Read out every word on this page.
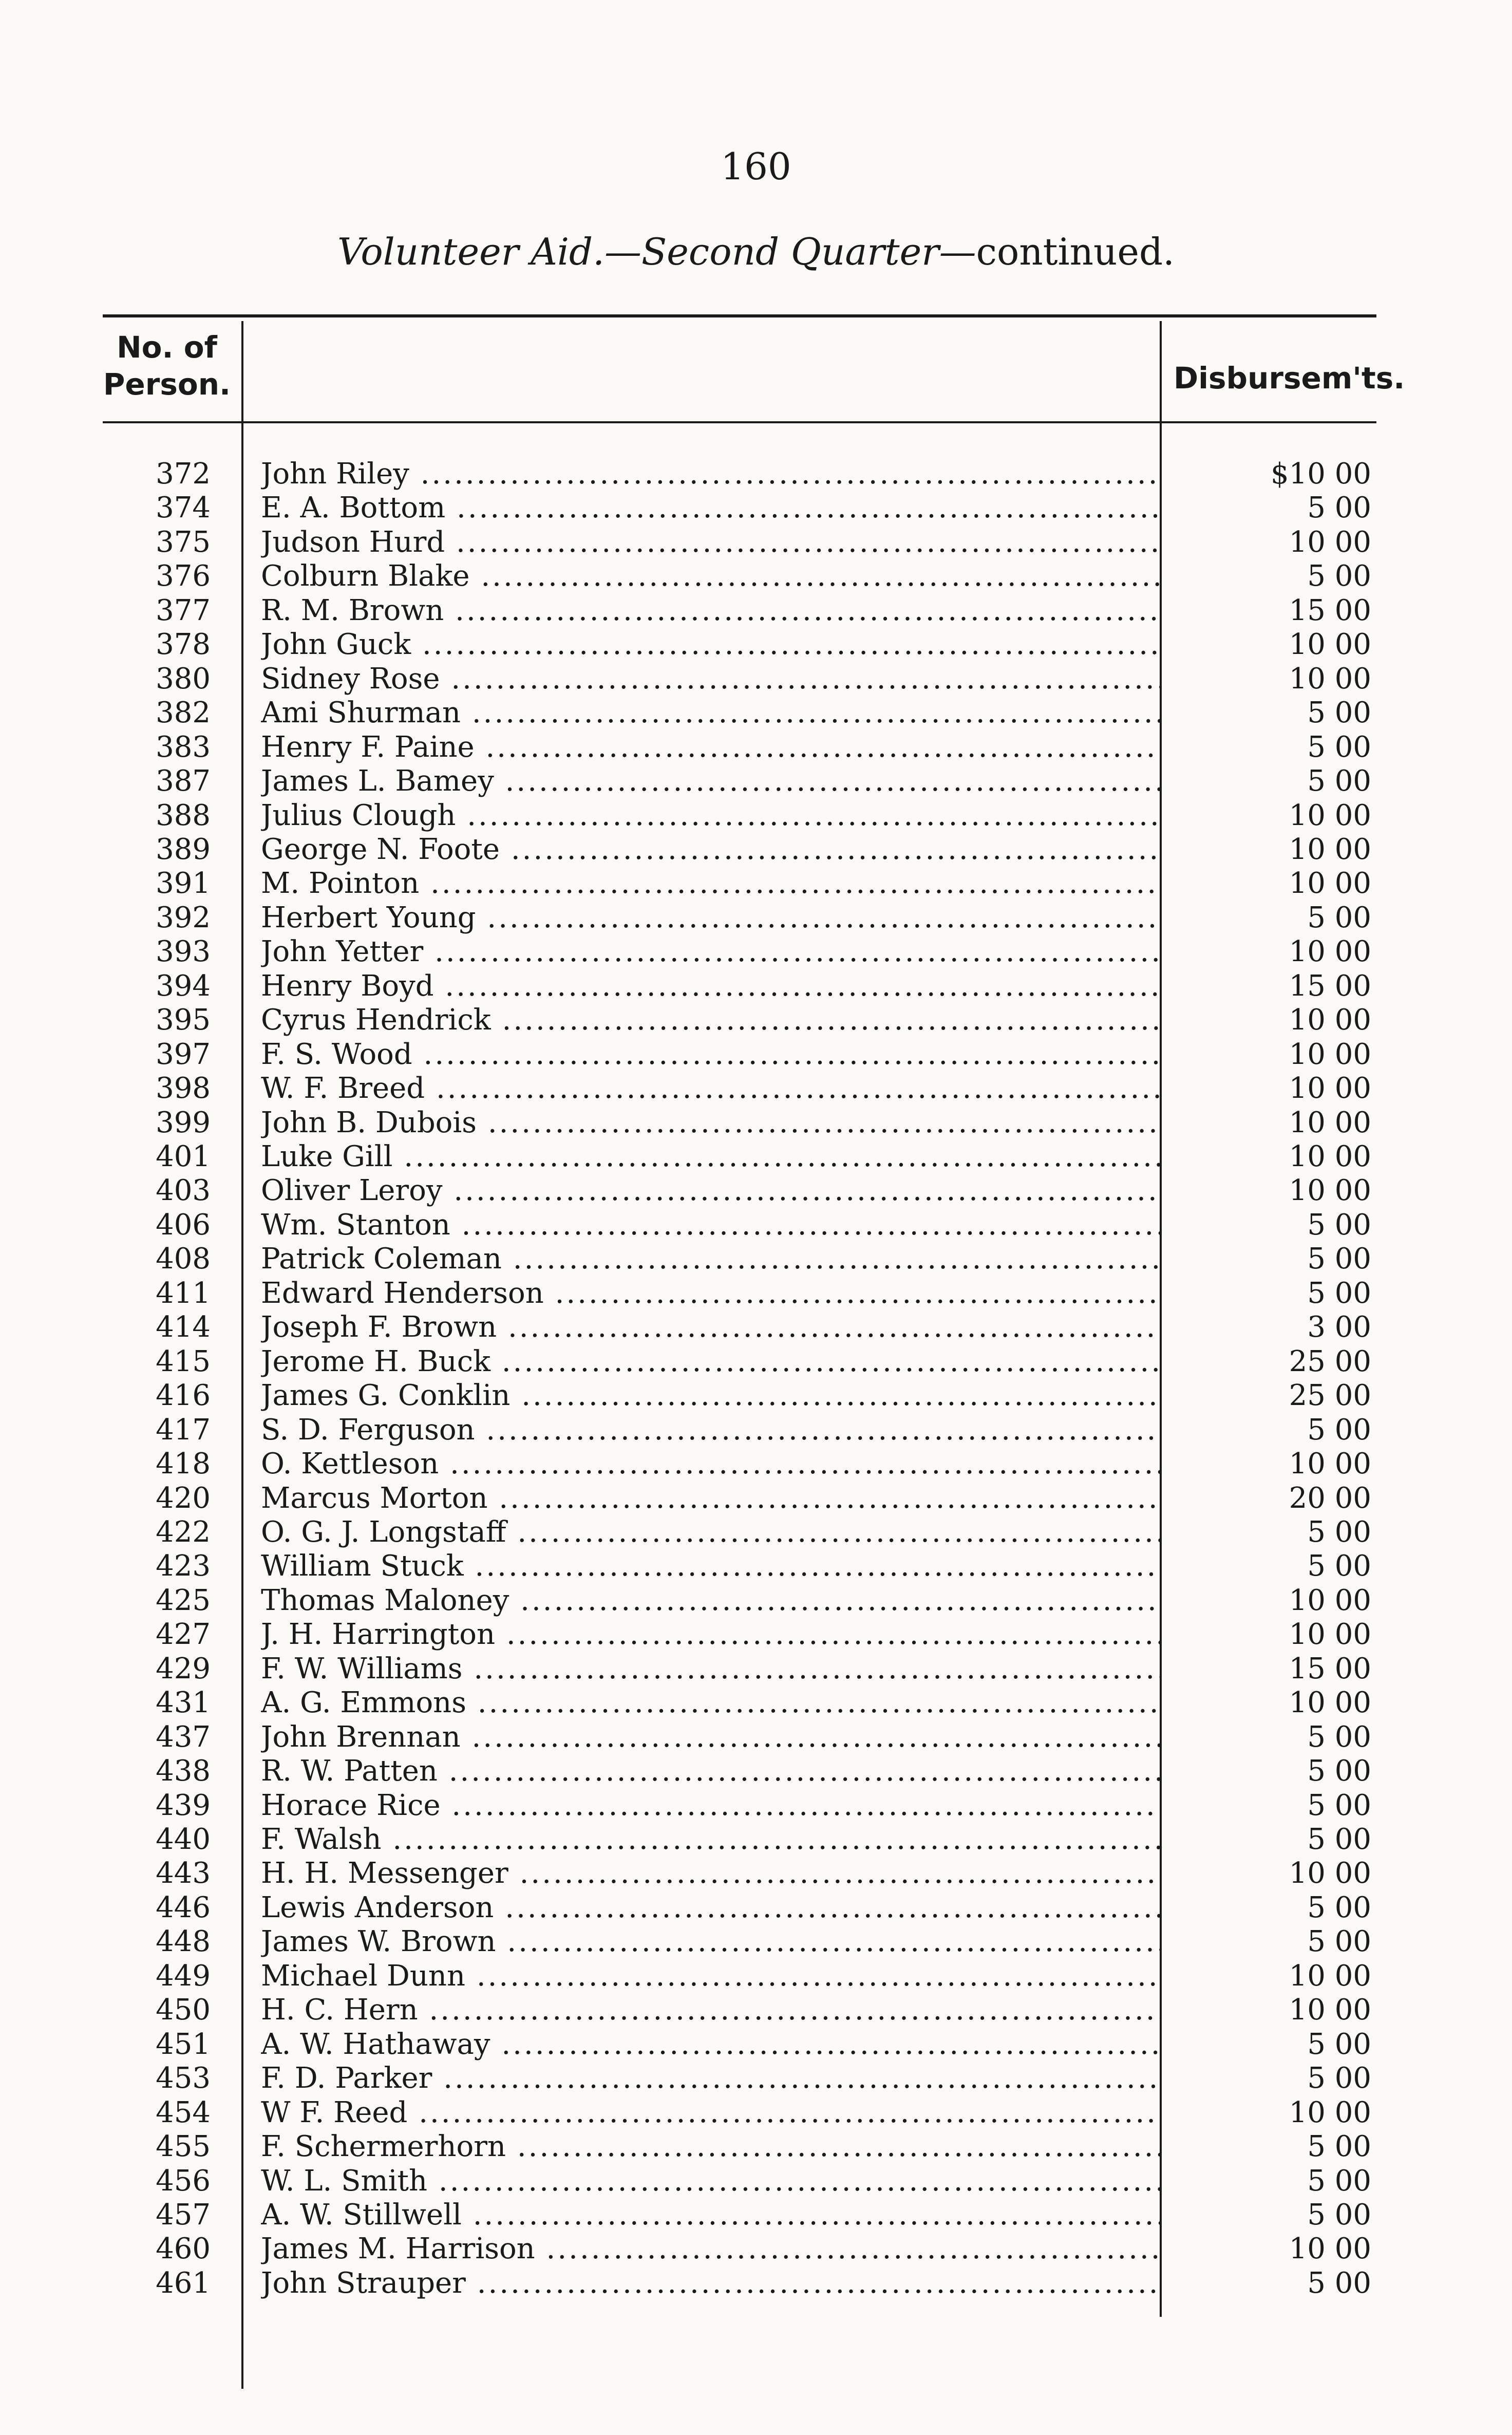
160
Volunteer Aid.—Second Quarter—continued.
No. of
Person.	Disbursem'ts.
372 John Riley .....	$10 00
374 E. A. Bottom .....	5 00
375 Judson Hurd .....	10 00
376 Colburn Blake .....	5 00
377 R. M. Brown .....	15 00
378 John Guck .....	10 00
380 Sidney Rose .....	10 00
382 Ami Shurman .....	5 00
383 Henry F. Paine .....	5 00
387 James L. Bamey .....	5 00
388 Julius Clough .....	10 00
389 George N. Foote .....	10 00
391 M. Pointon .....	10 00
392 Herbert Young .....	5 00
393 John Yetter .....	10 00
394 Henry Boyd .....	15 00
395 Cyrus Hendrick .....	10 00
397 F. S. Wood .....	10 00
398 W. F. Breed .....	10 00
399 John B. Dubois .....	10 00
401 Luke Gill .....	10 00
403 Oliver Leroy .....	10 00
406 Wm. Stanton .....	5 00
408 Patrick Coleman .....	5 00
411 Edward Henderson .....	5 00
414 Joseph F. Brown .....	3 00
415 Jerome H. Buck .....	25 00
416 James G. Conklin .....	25 00
417 S. D. Ferguson .....	5 00
418 O. Kettleson .....	10 00
420 Marcus Morton .....	20 00
422 O. G. J. Longstaff .....	5 00
423 William Stuck .....	5 00
425 Thomas Maloney .....	10 00
427 J. H. Harrington .....	10 00
429 F. W. Williams .....	15 00
431 A. G. Emmons .....	10 00
437 John Brennan .....	5 00
438 R. W. Patten .....	5 00
439 Horace Rice .....	5 00
440 F. Walsh .....	5 00
443 H. H. Messenger .....	10 00
446 Lewis Anderson .....	5 00
448 James W. Brown .....	5 00
449 Michael Dunn .....	10 00
450 H. C. Hern .....	10 00
451 A. W. Hathaway .....	5 00
453 F. D. Parker .....	5 00
454 W F. Reed .....	10 00
455 F. Schermerhorn .....	5 00
456 W. L. Smith .....	5 00
457 A. W. Stillwell .....	5 00
460 James M. Harrison .....	10 00
461 John Strauper .....	5 00
